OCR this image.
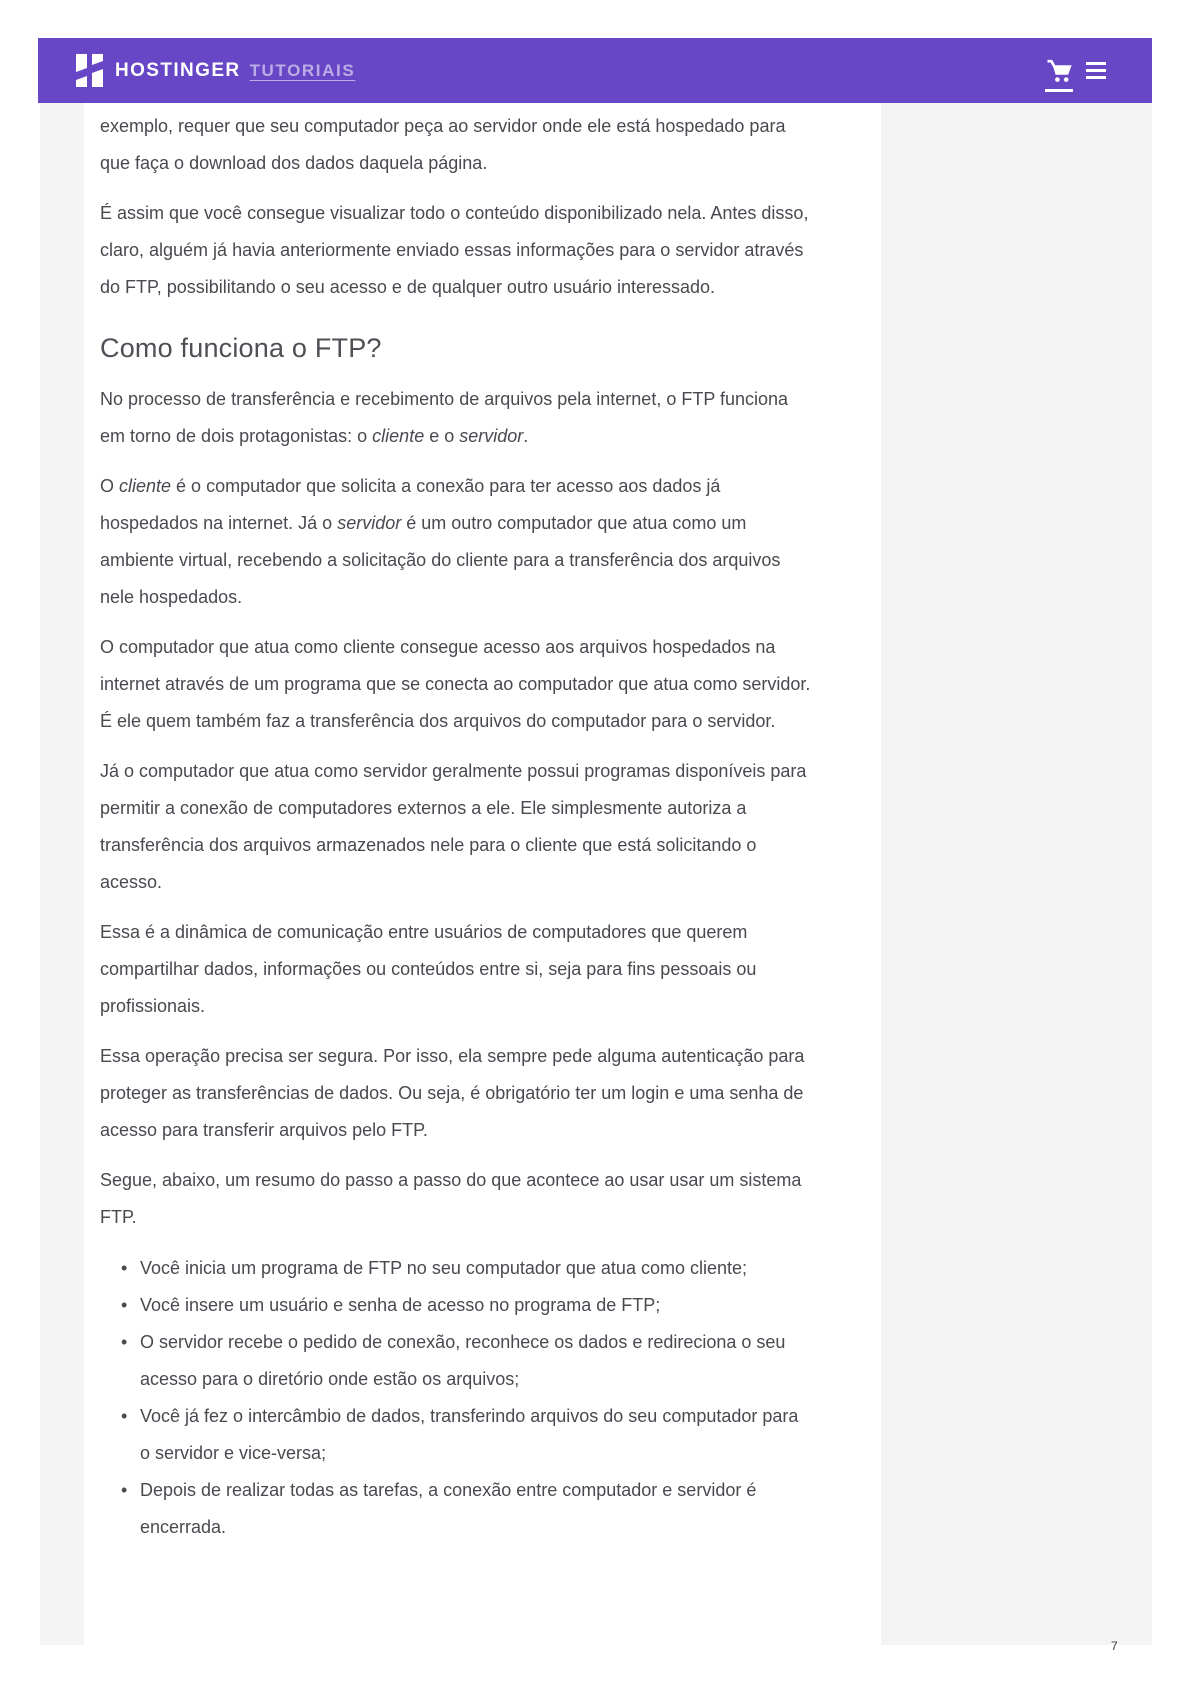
HOSTINGER TUTORIAIS

exemplo, requer que seu computador peça ao servidor onde ele está hospedado para que faça o download dos dados daquela página.

É assim que você consegue visualizar todo o conteúdo disponibilizado nela. Antes disso, claro, alguém já havia anteriormente enviado essas informações para o servidor através do FTP, possibilitando o seu acesso e de qualquer outro usuário interessado.

Como funciona o FTP?

No processo de transferência e recebimento de arquivos pela internet, o FTP funciona em torno de dois protagonistas: o cliente e o servidor.

O cliente é o computador que solicita a conexão para ter acesso aos dados já hospedados na internet. Já o servidor é um outro computador que atua como um ambiente virtual, recebendo a solicitação do cliente para a transferência dos arquivos nele hospedados.

O computador que atua como cliente consegue acesso aos arquivos hospedados na internet através de um programa que se conecta ao computador que atua como servidor. É ele quem também faz a transferência dos arquivos do computador para o servidor.

Já o computador que atua como servidor geralmente possui programas disponíveis para permitir a conexão de computadores externos a ele. Ele simplesmente autoriza a transferência dos arquivos armazenados nele para o cliente que está solicitando o acesso.

Essa é a dinâmica de comunicação entre usuários de computadores que querem compartilhar dados, informações ou conteúdos entre si, seja para fins pessoais ou profissionais.

Essa operação precisa ser segura. Por isso, ela sempre pede alguma autenticação para proteger as transferências de dados. Ou seja, é obrigatório ter um login e uma senha de acesso para transferir arquivos pelo FTP.

Segue, abaixo, um resumo do passo a passo do que acontece ao usar usar um sistema FTP.

• Você inicia um programa de FTP no seu computador que atua como cliente;
• Você insere um usuário e senha de acesso no programa de FTP;
• O servidor recebe o pedido de conexão, reconhece os dados e redireciona o seu acesso para o diretório onde estão os arquivos;
• Você já fez o intercâmbio de dados, transferindo arquivos do seu computador para o servidor e vice-versa;
• Depois de realizar todas as tarefas, a conexão entre computador e servidor é encerrada.
7
